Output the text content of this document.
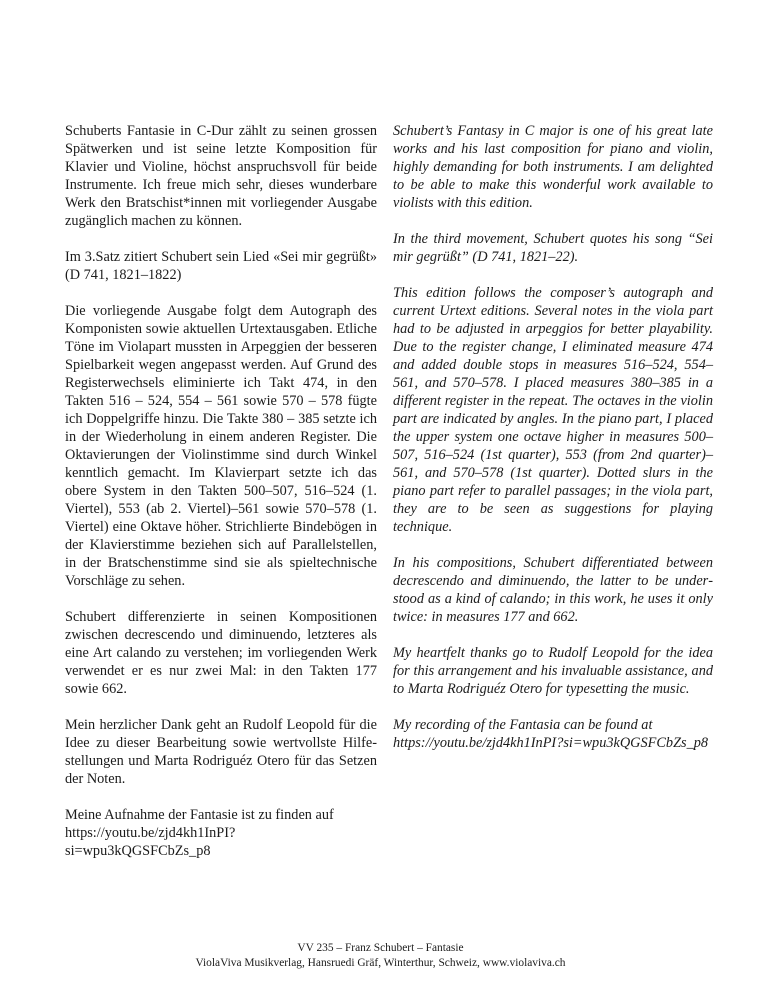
Schuberts Fantasie in C-Dur zählt zu seinen grossen Spätwerken und ist seine letzte Komposition für Klavier und Violine, höchst anspruchsvoll für beide Instrumente. Ich freue mich sehr, dieses wunderbare Werk den Bratschist*innen mit vorliegender Ausgabe zugänglich machen zu können.

Im 3.Satz zitiert Schubert sein Lied «Sei mir gegrüßt» (D 741, 1821–1822)

Die vorliegende Ausgabe folgt dem Autograph des Komponisten sowie aktuellen Urtextausgaben. Etliche Töne im Violapart mussten in Arpeggien der besseren Spielbarkeit wegen angepasst werden. Auf Grund des Registerwechsels eliminierte ich Takt 474, in den Takten 516 – 524, 554 – 561 sowie 570 – 578 fügte ich Doppelgriffe hinzu. Die Takte 380 – 385 setzte ich in der Wiederholung in einem anderen Register. Die Oktavierungen der Violinstimme sind durch Winkel kenntlich gemacht. Im Klavierpart setzte ich das obere System in den Takten 500–507, 516–524 (1. Viertel), 553 (ab 2. Viertel)–561 sowie 570–578 (1. Viertel) eine Oktave höher. Strichlierte Bindebögen in der Klavierstimme beziehen sich auf Parallelstellen, in der Bratschenstimme sind sie als spieltechnische Vorschläge zu sehen.

Schubert differenzierte in seinen Kompositionen zwischen decrescendo und diminuendo, letzteres als eine Art calando zu verstehen; im vorliegenden Werk verwendet er es nur zwei Mal: in den Takten 177 sowie 662.

Mein herzlicher Dank geht an Rudolf Leopold für die Idee zu dieser Bearbeitung sowie wertvollste Hilfestellungen und Marta Rodriguéz Otero für das Setzen der Noten.

Meine Aufnahme der Fantasie ist zu finden auf
https://youtu.be/zjd4kh1InPI?si=wpu3kQGSFCbZs_p8

Schubert’s Fantasy in C major is one of his great late works and his last composition for piano and violin, highly demanding for both instruments. I am delighted to be able to make this wonderful work available to violists with this edition.

In the third movement, Schubert quotes his song “Sei mir gegrüßt” (D 741, 1821–22).

This edition follows the composer’s autograph and current Urtext editions. Several notes in the viola part had to be adjusted in arpeggios for better playability. Due to the register change, I eliminated measure 474 and added double stops in measures 516–524, 554–561, and 570–578. I placed measures 380–385 in a different register in the repeat. The octaves in the violin part are indicated by angles. In the piano part, I placed the upper system one octave higher in measures 500–507, 516–524 (1st quarter), 553 (from 2nd quarter)–561, and 570–578 (1st quarter). Dotted slurs in the piano part refer to parallel passages; in the viola part, they are to be seen as suggestions for playing technique.

In his compositions, Schubert differentiated between decrescendo and diminuendo, the latter to be understood as a kind of calando; in this work, he uses it only twice: in measures 177 and 662.

My heartfelt thanks go to Rudolf Leopold for the idea for this arrangement and his invaluable assistance, and to Marta Rodriguéz Otero for typesetting the music.

My recording of the Fantasia can be found at
https://youtu.be/zjd4kh1InPI?si=wpu3kQGSFCbZs_p8

VV 235 – Franz Schubert – Fantasie
ViolaViva Musikverlag, Hansruedi Gräf, Winterthur, Schweiz, www.violaviva.ch
